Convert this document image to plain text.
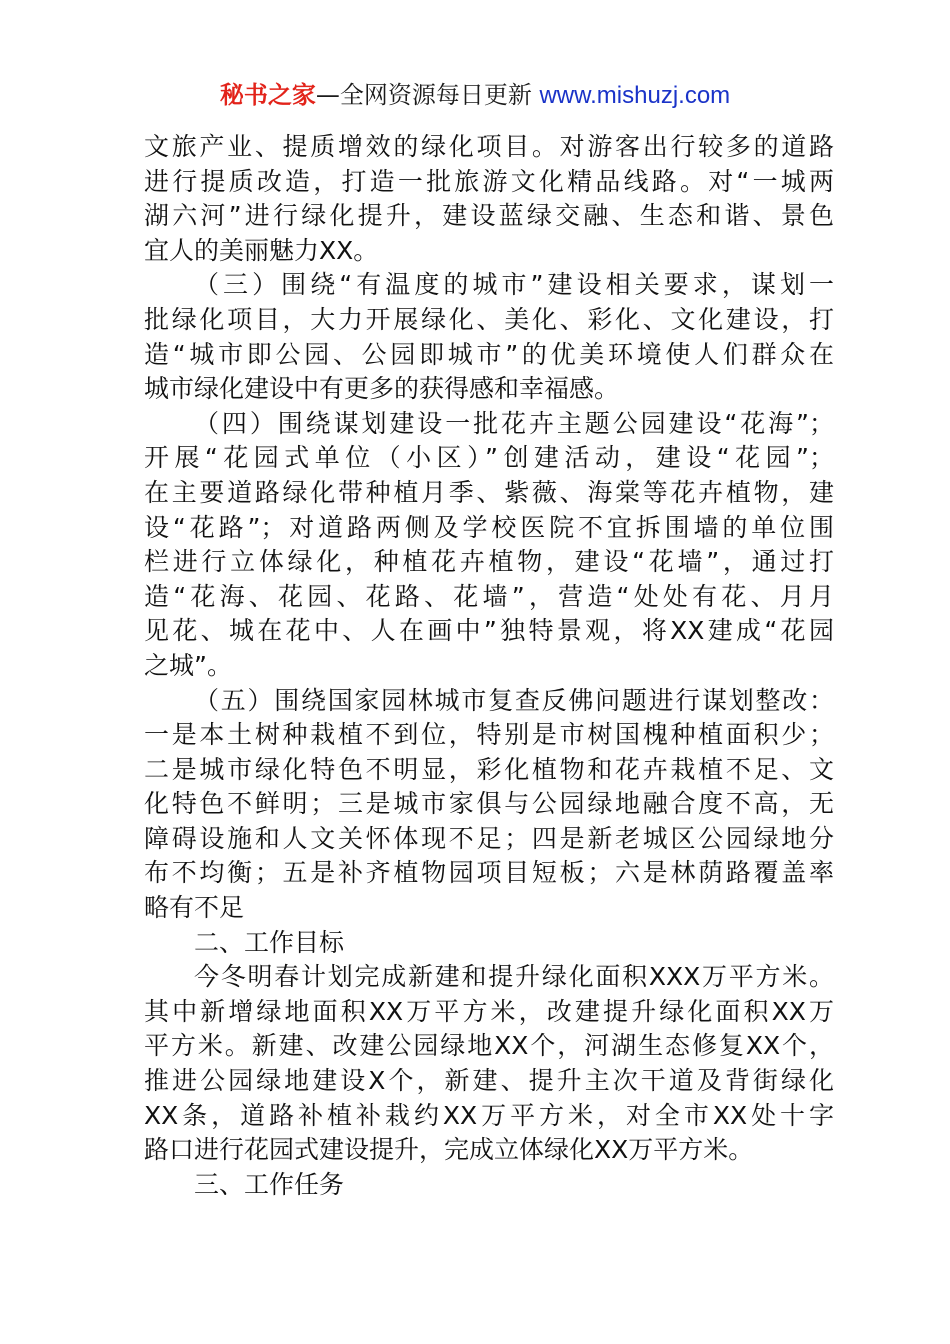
秘书之家—全网资源每日更新 www.mishuzj.com
文旅产业、提质增效的绿化项目。对游客出行较多的道路
进行提质改造，打造一批旅游文化精品线路。对“一城两
湖六河”进行绿化提升，建设蓝绿交融、生态和谐、景色
宜人的美丽魅力XX。
（三）围绕“有温度的城市”建设相关要求，谋划一
批绿化项目，大力开展绿化、美化、彩化、文化建设，打
造“城市即公园、公园即城市”的优美环境使人们群众在
城市绿化建设中有更多的获得感和幸福感。
（四）围绕谋划建设一批花卉主题公园建设“花海”；
开展“花园式单位（小区）”创建活动，建设“花园”；
在主要道路绿化带种植月季、紫薇、海棠等花卉植物，建
设“花路”；对道路两侧及学校医院不宜拆围墙的单位围
栏进行立体绿化，种植花卉植物，建设“花墙”，通过打
造“花海、花园、花路、花墙”，营造“处处有花、月月
见花、城在花中、人在画中”独特景观，将XX建成“花园
之城”。
（五）围绕国家园林城市复查反佛问题进行谋划整改：
一是本土树种栽植不到位，特别是市树国槐种植面积少；
二是城市绿化特色不明显，彩化植物和花卉栽植不足、文
化特色不鲜明；三是城市家俱与公园绿地融合度不高，无
障碍设施和人文关怀体现不足；四是新老城区公园绿地分
布不均衡；五是补齐植物园项目短板；六是林荫路覆盖率
略有不足
二、工作目标
今冬明春计划完成新建和提升绿化面积XXX万平方米。
其中新增绿地面积XX万平方米，改建提升绿化面积XX万
平方米。新建、改建公园绿地XX个，河湖生态修复XX个，
推进公园绿地建设X个，新建、提升主次干道及背街绿化
XX条，道路补植补栽约XX万平方米，对全市XX处十字
路口进行花园式建设提升，完成立体绿化XX万平方米。
三、工作任务
